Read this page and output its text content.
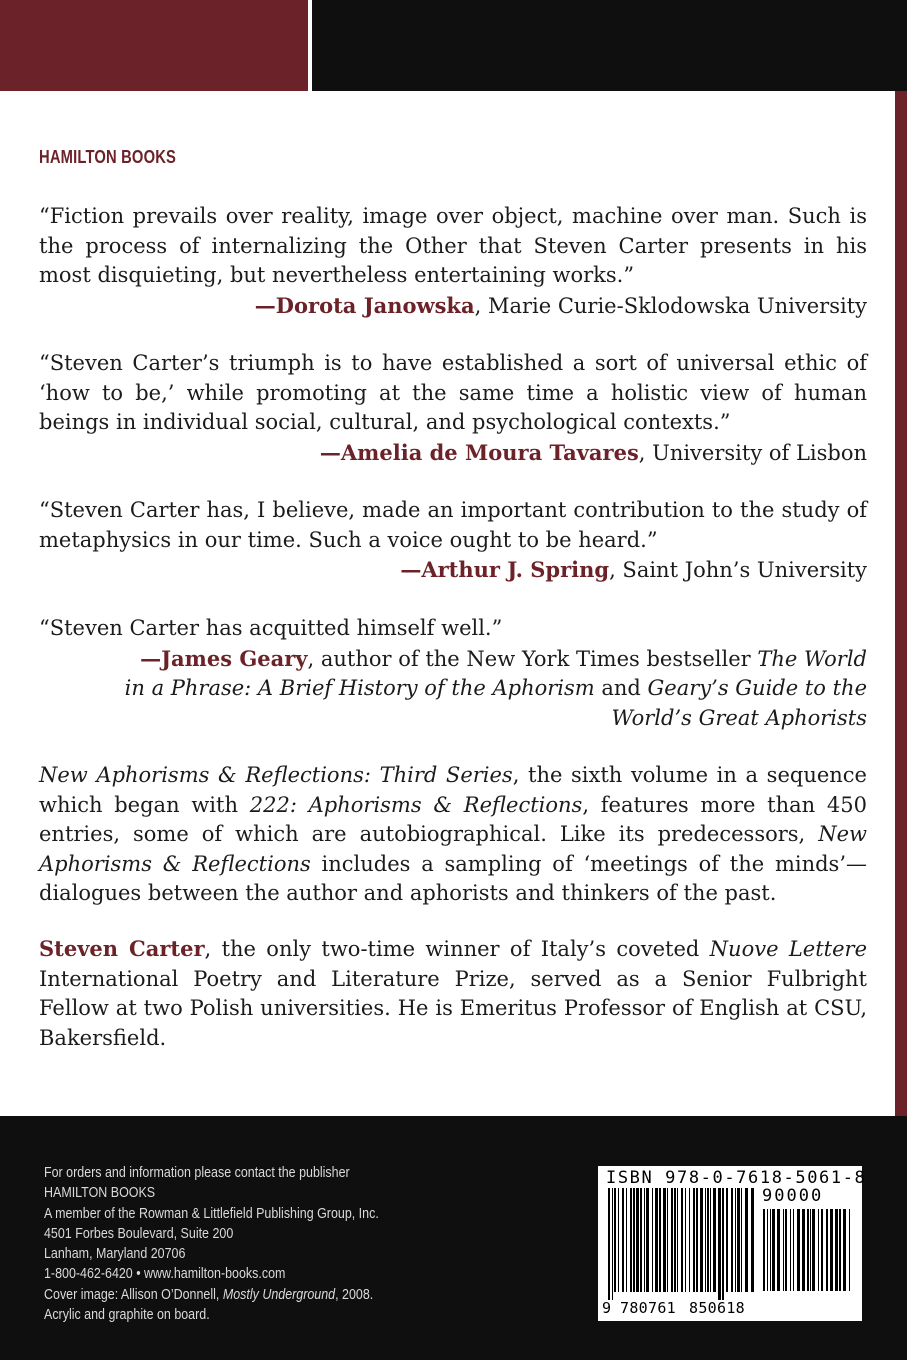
HAMILTON BOOKS
“Fiction prevails over reality, image over object, machine over man. Such is the process of internalizing the Other that Steven Carter presents in his most disquieting, but nevertheless entertaining works.”
—Dorota Janowska, Marie Curie-Sklodowska University
“Steven Carter’s triumph is to have established a sort of universal ethic of ‘how to be,’ while promoting at the same time a holistic view of human beings in individual social, cultural, and psychological contexts.”
—Amelia de Moura Tavares, University of Lisbon
“Steven Carter has, I believe, made an important contribution to the study of metaphysics in our time. Such a voice ought to be heard.”
—Arthur J. Spring, Saint John’s University
“Steven Carter has acquitted himself well.”
—James Geary, author of the New York Times bestseller The World in a Phrase: A Brief History of the Aphorism and Geary’s Guide to the World’s Great Aphorists
New Aphorisms & Reflections: Third Series, the sixth volume in a sequence which began with 222: Aphorisms & Reflections, features more than 450 entries, some of which are autobiographical. Like its predecessors, New Aphorisms & Reflections includes a sampling of ‘meetings of the minds’—dialogues between the author and aphorists and thinkers of the past.
Steven Carter, the only two-time winner of Italy’s coveted Nuove Lettere International Poetry and Literature Prize, served as a Senior Fulbright Fellow at two Polish universities. He is Emeritus Professor of English at CSU, Bakersfield.
For orders and information please contact the publisher
HAMILTON BOOKS
A member of the Rowman & Littlefield Publishing Group, Inc.
4501 Forbes Boulevard, Suite 200
Lanham, Maryland 20706
1-800-462-6420 • www.hamilton-books.com
Cover image: Allison O’Donnell, Mostly Underground, 2008.
Acrylic and graphite on board.
ISBN 978-0-7618-5061-8
90000
9 780761 850618
